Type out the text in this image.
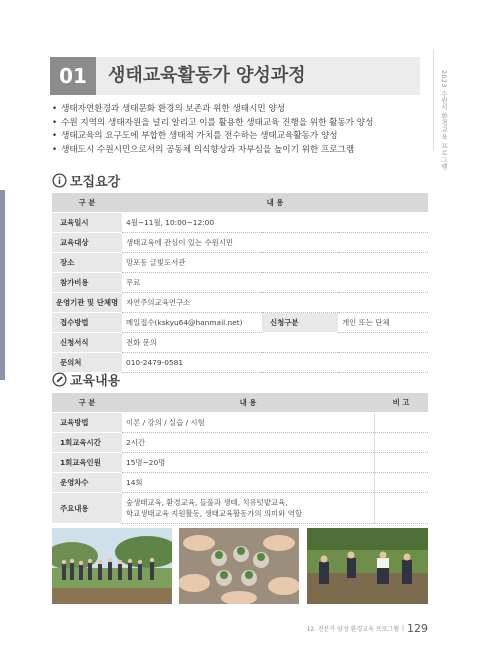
01	생태교육활동가 양성과정	2023 수원시 환경교육 프로그램
• 생태자연환경과 생태문화 환경의 보존과 위한 생태시민 양성
• 수원 지역의 생태자원을 널리 알리고 이를 활용한 생태교육 진행을 위한 활동가 양성
• 생태교육의 요구도에 부합한 생태적 가치를 전수하는 생태교육활동가 양성
• 생태도시 수원시민으로서의 공동체 의식향상과 자부심을 높이기 위한 프로그램
모집요강
구 분	내 용		
교육일시	4월~11월, 10:00~12:00		
교육대상	생태교육에 관심이 있는 수원시민		
장소	망포동 글빛도서관		
참가비용	무료		
운영기관 및 단체명	자연주의교육연구소		
접수방법	메일접수(kskyu64@hanmail.net)	신청구분	개인 또는 단체
신청서식	전화 문의		
문의처	010-2479-0581		
교육내용
구 분	내 용	비 고
교육방법	이론 / 강의 / 실습 / 시험	
1회교육시간	2시간	
1회교육인원	15명~20명	
운영차수	14회	
주요내용	숲생태교육, 환경교육, 들풀과 생태, 치유텃밭교육,
학교생태교육 지원활동, 생태교육활동가의 의미와 역할	

12. 전문가 양성 환경교육 프로그램 | 129
